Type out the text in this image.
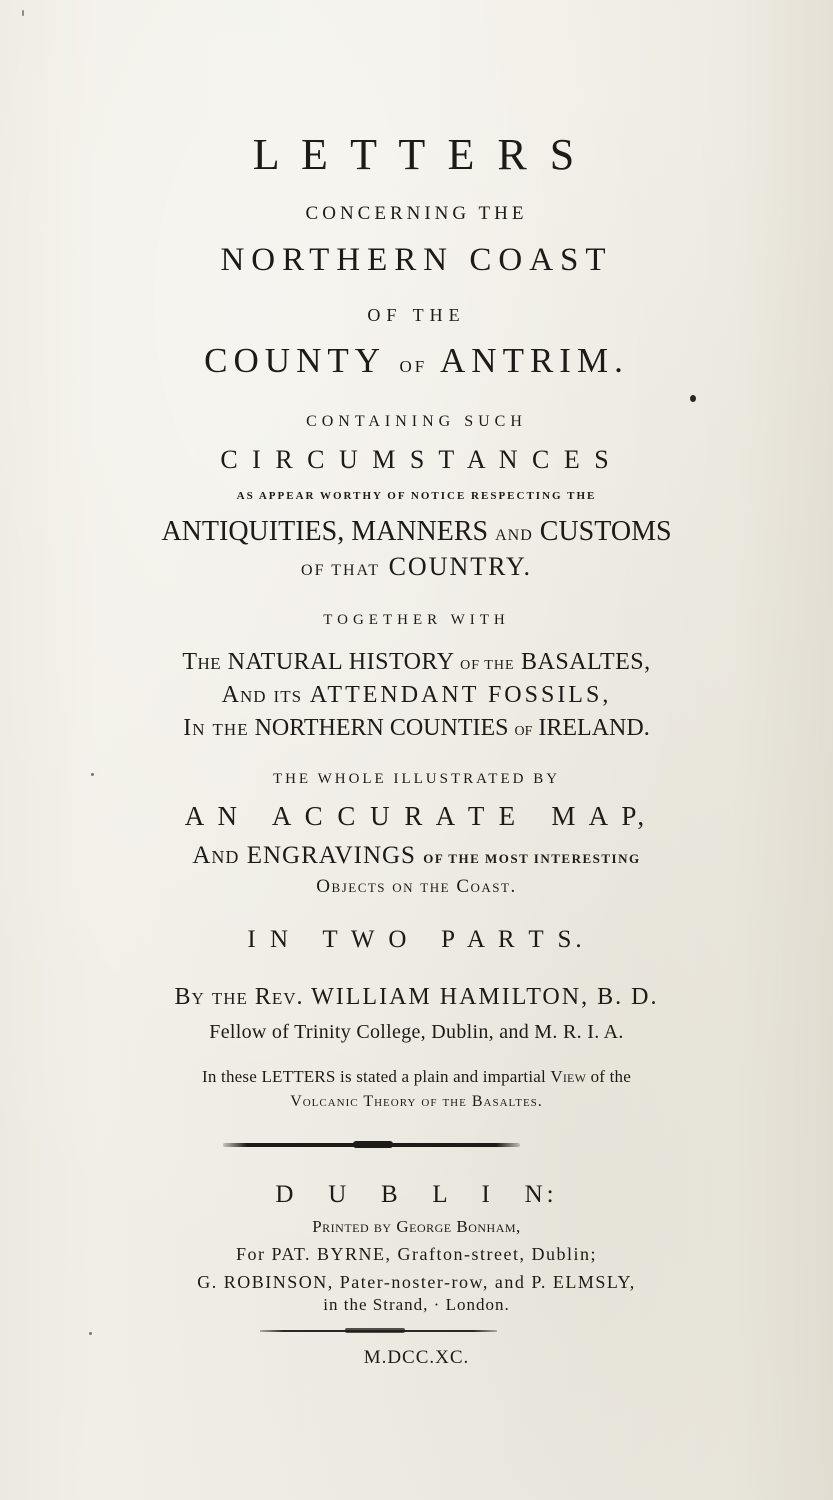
L E T T E R S
CONCERNING THE
NORTHERN COAST
OF THE
COUNTY OF ANTRIM.
CONTAINING SUCH
C I R C U M S T A N C E S
AS APPEAR WORTHY OF NOTICE RESPECTING THE
ANTIQUITIES, MANNERS AND CUSTOMS
OF THAT COUNTRY.
TOGETHER WITH
The NATURAL HISTORY OF THE BASALTES,
And its ATTENDANT FOSSILS,
In the NORTHERN COUNTIES OF IRELAND.
THE WHOLE ILLUSTRATED BY
A N   A C C U R A T E   M A P,
And ENGRAVINGS OF THE MOST INTERESTING
Objects on the Coast.
I N   T W O   P A R T S.
By the Rev. WILLIAM HAMILTON, B. D.
Fellow of Trinity College, Dublin, and M. R. I. A.
In these LETTERS is stated a plain and impartial View of the
Volcanic Theory of the Basaltes.
D   U   B   L   I   N:
Printed by George Bonham,
For PAT. BYRNE, Grafton-street, Dublin;
G. ROBINSON, Pater-noster-row, and P. ELMSLY,
in the Strand, · London.
M.DCC.XC.
